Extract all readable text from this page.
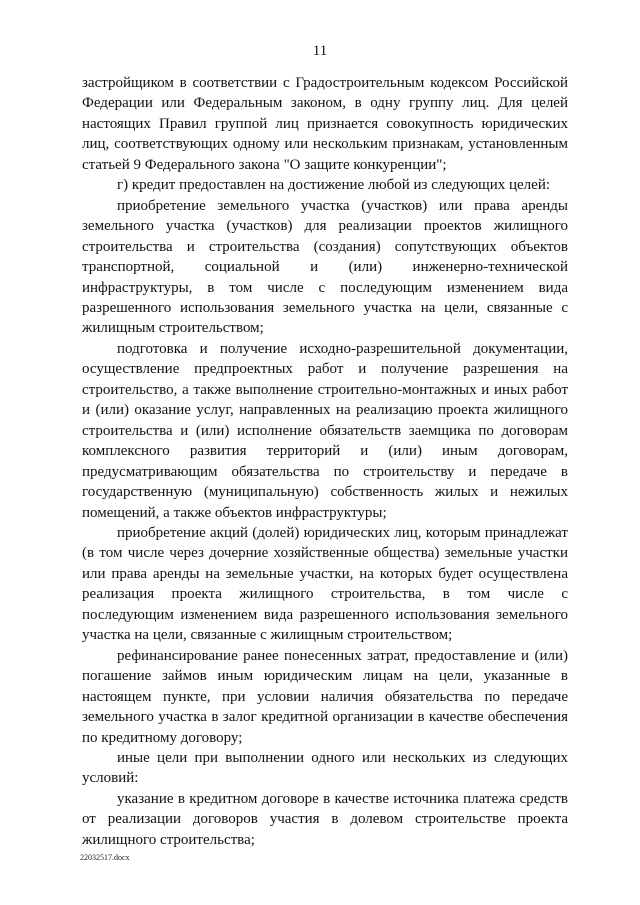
11

застройщиком в соответствии с Градостроительным кодексом Российской Федерации или Федеральным законом, в одну группу лиц. Для целей настоящих Правил группой лиц признается совокупность юридических лиц, соответствующих одному или нескольким признакам, установленным статьей 9 Федерального закона "О защите конкуренции";

г) кредит предоставлен на достижение любой из следующих целей:

приобретение земельного участка (участков) или права аренды земельного участка (участков) для реализации проектов жилищного строительства и строительства (создания) сопутствующих объектов транспортной, социальной и (или) инженерно-технической инфраструктуры, в том числе с последующим изменением вида разрешенного использования земельного участка на цели, связанные с жилищным строительством;

подготовка и получение исходно-разрешительной документации, осуществление предпроектных работ и получение разрешения на строительство, а также выполнение строительно-монтажных и иных работ и (или) оказание услуг, направленных на реализацию проекта жилищного строительства и (или) исполнение обязательств заемщика по договорам комплексного развития территорий и (или) иным договорам, предусматривающим обязательства по строительству и передаче в государственную (муниципальную) собственность жилых и нежилых помещений, а также объектов инфраструктуры;

приобретение акций (долей) юридических лиц, которым принадлежат (в том числе через дочерние хозяйственные общества) земельные участки или права аренды на земельные участки, на которых будет осуществлена реализация проекта жилищного строительства, в том числе с последующим изменением вида разрешенного использования земельного участка на цели, связанные с жилищным строительством;

рефинансирование ранее понесенных затрат, предоставление и (или) погашение займов иным юридическим лицам на цели, указанные в настоящем пункте, при условии наличия обязательства по передаче земельного участка в залог кредитной организации в качестве обеспечения по кредитному договору;

иные цели при выполнении одного или нескольких из следующих условий:

указание в кредитном договоре в качестве источника платежа средств от реализации договоров участия в долевом строительстве проекта жилищного строительства;

22032517.docx
